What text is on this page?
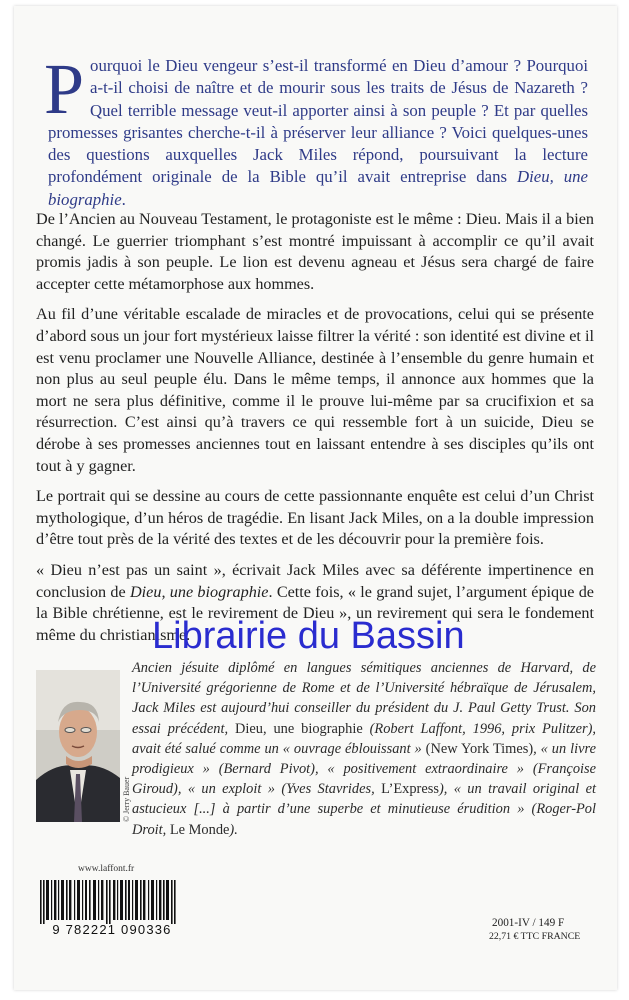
P ourquoi le Dieu vengeur s’est-il transformé en Dieu d’amour ? Pourquoi a-t-il choisi de naître et de mourir sous les traits de Jésus de Nazareth ? Quel terrible message veut-il apporter ainsi à son peuple ? Et par quelles promesses grisantes cherche-t-il à préserver leur alliance ? Voici quelques-unes des questions auxquelles Jack Miles répond, poursuivant la lecture profondément originale de la Bible qu’il avait entreprise dans Dieu, une biographie.

De l’Ancien au Nouveau Testament, le protagoniste est le même : Dieu. Mais il a bien changé. Le guerrier triomphant s’est montré impuissant à accomplir ce qu’il avait promis jadis à son peuple. Le lion est devenu agneau et Jésus sera chargé de faire accepter cette métamorphose aux hommes.

Au fil d’une véritable escalade de miracles et de provocations, celui qui se présente d’abord sous un jour fort mystérieux laisse filtrer la vérité : son identité est divine et il est venu proclamer une Nouvelle Alliance, destinée à l’ensemble du genre humain et non plus au seul peuple élu. Dans le même temps, il annonce aux hommes que la mort ne sera plus définitive, comme il le prouve lui-même par sa crucifixion et sa résurrection. C’est ainsi qu’à travers ce qui ressemble fort à un suicide, Dieu se dérobe à ses promesses anciennes tout en laissant entendre à ses disciples qu’ils ont tout à y gagner.

Le portrait qui se dessine au cours de cette passionnante enquête est celui d’un Christ mythologique, d’un héros de tragédie. En lisant Jack Miles, on a la double impression d’être tout près de la vérité des textes et de les découvrir pour la première fois.

« Dieu n’est pas un saint », écrivait Jack Miles avec sa déférente impertinence en conclusion de Dieu, une biographie. Cette fois, « le grand sujet, l’argument épique de la Bible chrétienne, est le revirement de Dieu », un revirement qui sera le fondement même du christianisme.

Librairie du Bassin
© Jerry Bauer
Ancien jésuite diplômé en langues sémitiques anciennes de Harvard, de l’Université grégorienne de Rome et de l’Université hébraïque de Jérusalem, Jack Miles est aujourd’hui conseiller du président du J. Paul Getty Trust. Son essai précédent, Dieu, une biographie (Robert Laffont, 1996, prix Pulitzer), avait été salué comme un « ouvrage éblouissant » (New York Times), « un livre prodigieux » (Bernard Pivot), « positivement extraordinaire » (Françoise Giroud), « un exploit » (Yves Stavrides, L’Express), « un travail original et astucieux [...] à partir d’une superbe et minutieuse érudition » (Roger-Pol Droit, Le Monde).
www.laffont.fr
9 782221 090336	2001-IV / 149 F
22,71 € TTC FRANCE
